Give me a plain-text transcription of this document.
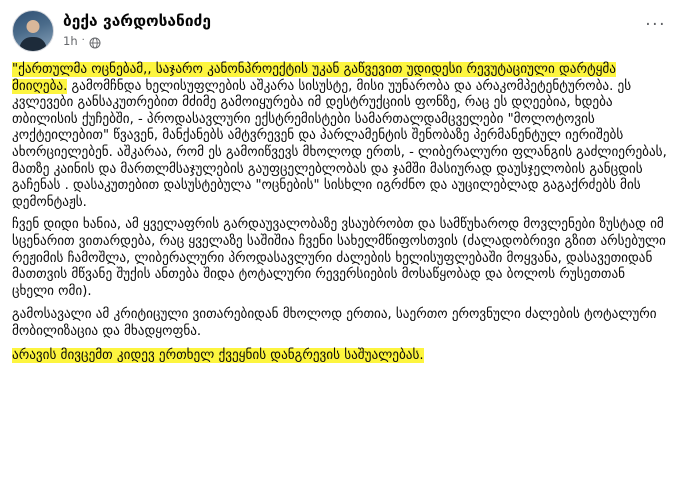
ბექა ვარდოსანიძე
1h ·
···

"ქართულმა ოცნებამ,, საჯარო კანონპროექტის უკან გაწვევით უდიდესი რევუტაციული დარტყმა მიიღება. გამომჩნდა ხელისუფლების აშკარა სისუსტე, მისი უუნარობა და არაკომპეტენტურობა. ეს კვლევები განსაკუთრებით მძიმე გამოიყურება იმ დესტრუქციის ფონზე, რაც ეს დღეებია, ხდება თბილისის ქუჩებში, - პროდასავლური ექსტრემისტები სამართალდამცველები "მოლოტოვის კოქტეილებით" წვავენ, მანქანებს ამტვრევენ და პარლამენტის შენობაზე პერმანენტულ იერიშებს ახორციელებენ. აშკარაა, რომ ეს გამოიწვევს მხოლოდ ერთს, - ლიბერალური ფლანგის გაძლიერებას, მათზე კაინის და მართლმსაჯულების გაუფცელებლობას და ჯამში მასიურად დაუსჯელობის განცდის გაჩენას . დასაკუთებით დასუსტებულა "ოცნების" სისხლი იგრძნო და აუცილებლად გაგაქრძებს მის დემონტაჟს.

ჩვენ დიდი ხანია, ამ ყველაფრის გარდაუვალობაზე ვსაუბრობთ და სამწუხაროდ მოვლენები ზუსტად იმ სცენარით ვითარდება, რაც ყველაზე საშიშია ჩვენი სახელმწიფოსთვის (ძალადობრივი გზით არსებული რეჟიმის ჩამოშლა, ლიბერალური პროდასავლური ძალების ხელისუფლებაში მოყვანა, დასავეთიდან მათთვის მწვანე შუქის ანთება შიდა ტოტალური რევერსიების მოსაწყობად და ბოლოს რუსეთთან ცხელი ომი).

გამოსავალი ამ კრიტიცული ვითარებიდან მხოლოდ ერთია, საერთო ეროვნული ძალების ტოტალური მობილიზაცია და მხადყოფნა.

არავის მივცემთ კიდევ ერთხელ ქვეყნის დანგრევის საშუალებას.
